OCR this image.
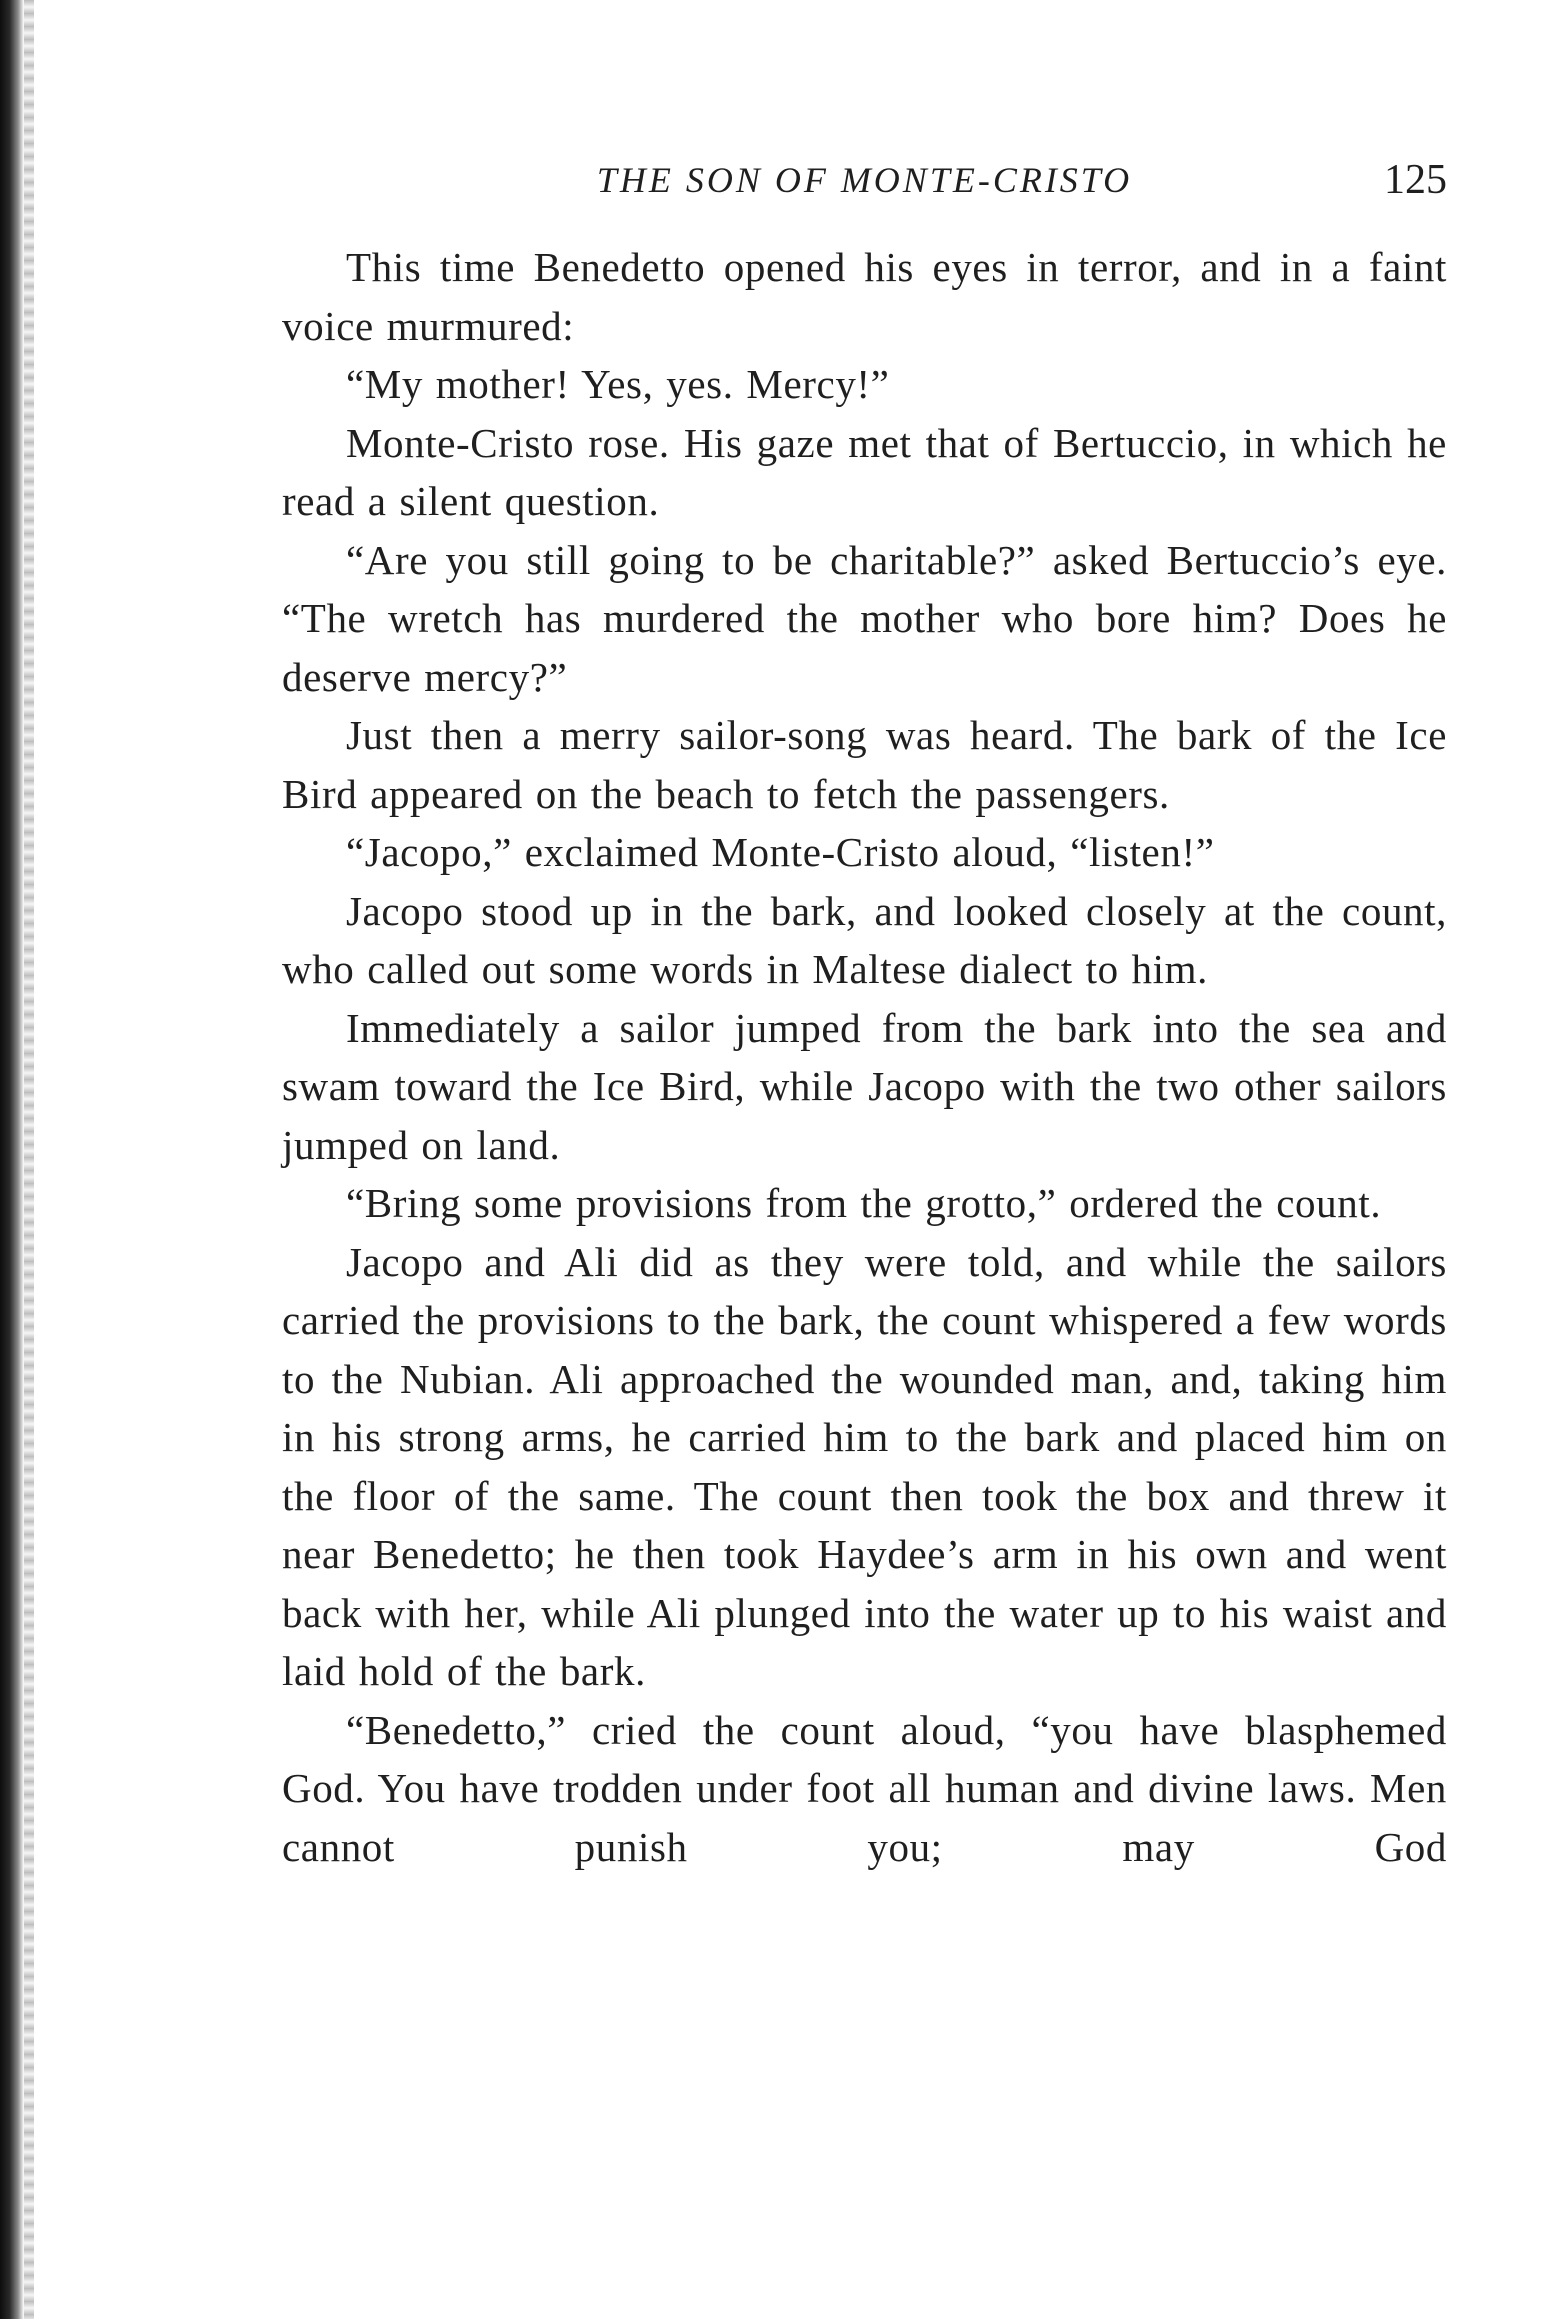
THE SON OF MONTE-CRISTO	125

This time Benedetto opened his eyes in terror, and in a faint voice murmured:

“My mother! Yes, yes. Mercy!”

Monte-Cristo rose. His gaze met that of Bertuccio, in which he read a silent question.

“Are you still going to be charitable?” asked Bertuccio’s eye. “The wretch has murdered the mother who bore him? Does he deserve mercy?”

Just then a merry sailor-song was heard. The bark of the Ice Bird appeared on the beach to fetch the passengers.

“Jacopo,” exclaimed Monte-Cristo aloud, “listen!”

Jacopo stood up in the bark, and looked closely at the count, who called out some words in Maltese dialect to him.

Immediately a sailor jumped from the bark into the sea and swam toward the Ice Bird, while Jacopo with the two other sailors jumped on land.

“Bring some provisions from the grotto,” ordered the count.

Jacopo and Ali did as they were told, and while the sailors carried the provisions to the bark, the count whispered a few words to the Nubian. Ali approached the wounded man, and, taking him in his strong arms, he carried him to the bark and placed him on the floor of the same. The count then took the box and threw it near Benedetto; he then took Haydee’s arm in his own and went back with her, while Ali plunged into the water up to his waist and laid hold of the bark.

“Benedetto,” cried the count aloud, “you have blasphemed God. You have trodden under foot all human and divine laws. Men cannot punish you; may God
